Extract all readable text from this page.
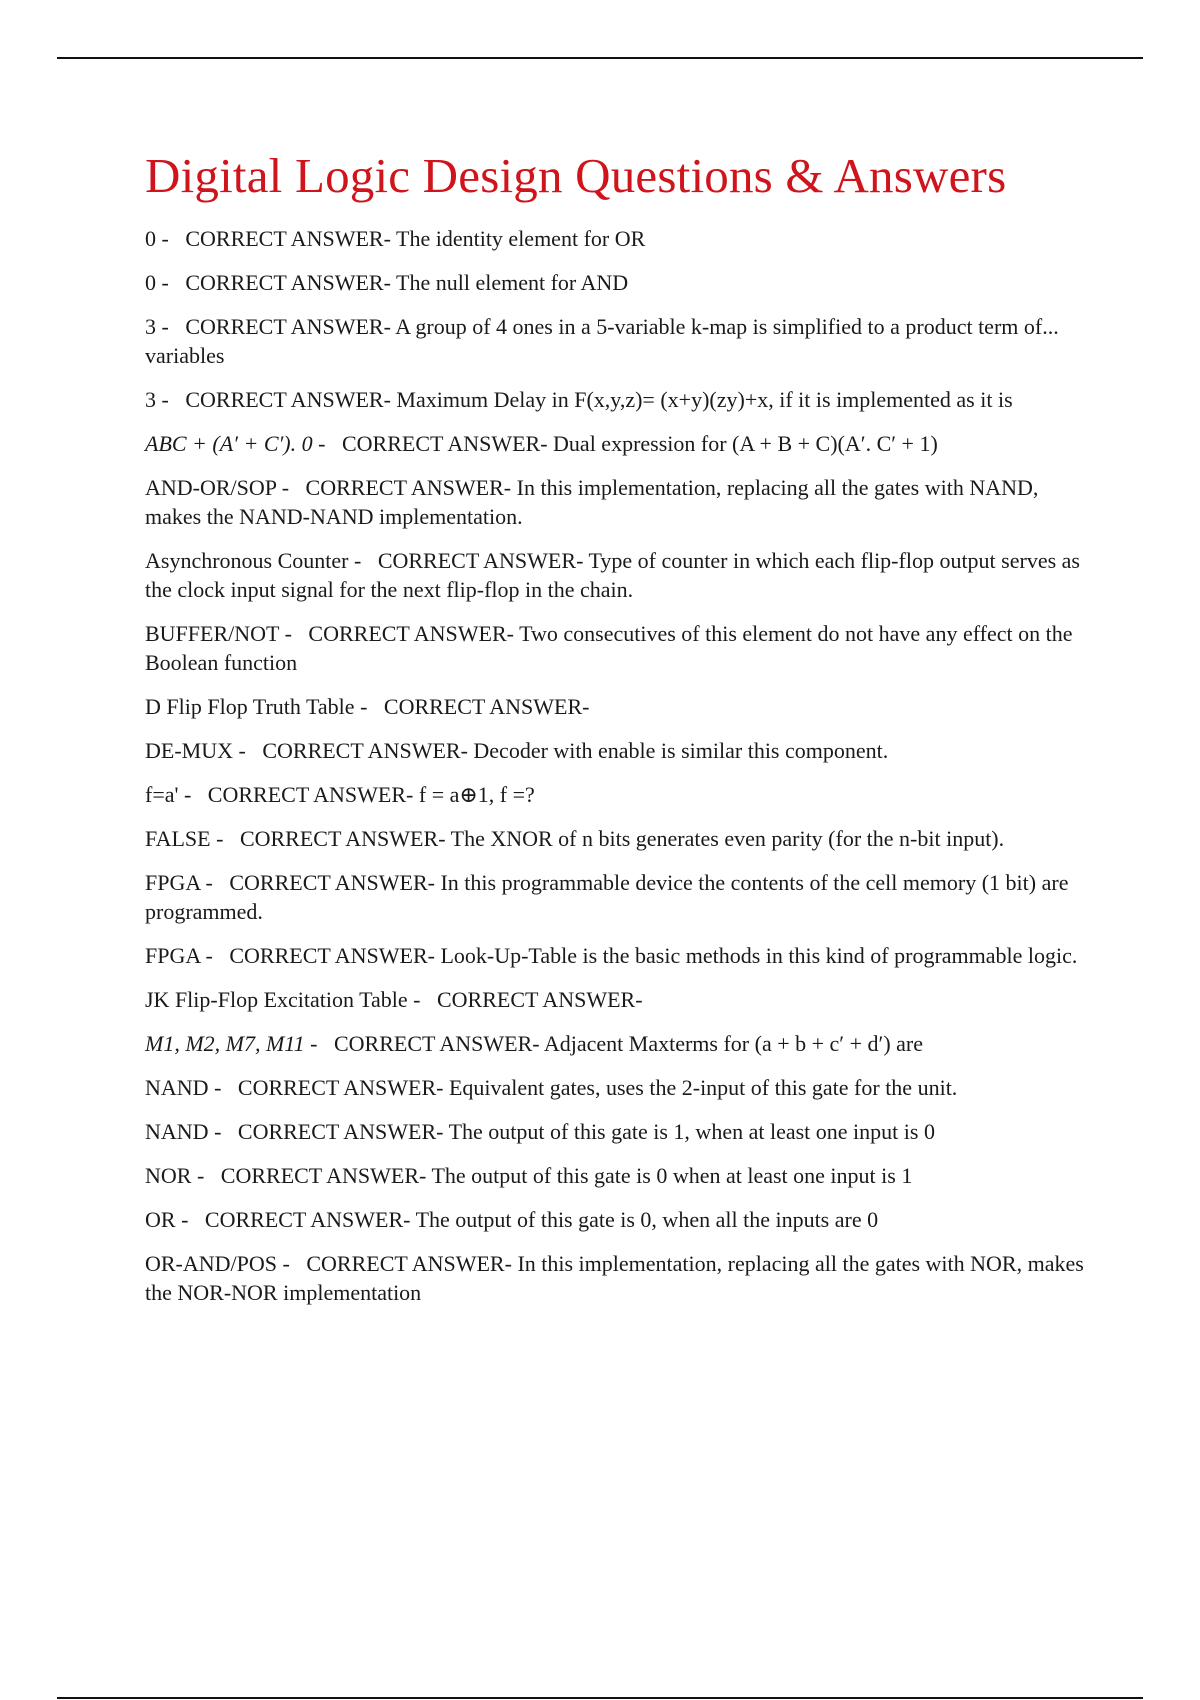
Digital Logic Design Questions & Answers

0 -   CORRECT ANSWER- The identity element for OR

0 -   CORRECT ANSWER- The null element for AND

3 -   CORRECT ANSWER- A group of 4 ones in a 5-variable k-map is simplified to a product term of... variables

3 -   CORRECT ANSWER- Maximum Delay in F(x,y,z)= (x+y)(zy)+x, if it is implemented as it is

ABC + (A′ + C′). 0 -   CORRECT ANSWER- Dual expression for (A + B + C)(A′. C′ + 1)

AND-OR/SOP -   CORRECT ANSWER- In this implementation, replacing all the gates with NAND, makes the NAND-NAND implementation.

Asynchronous Counter -   CORRECT ANSWER- Type of counter in which each flip-flop output serves as the clock input signal for the next flip-flop in the chain.

BUFFER/NOT -   CORRECT ANSWER- Two consecutives of this element do not have any effect on the Boolean function

D Flip Flop Truth Table -   CORRECT ANSWER-

DE-MUX -   CORRECT ANSWER- Decoder with enable is similar this component.

f=a' -   CORRECT ANSWER- f = a⊕1, f =?

FALSE -   CORRECT ANSWER- The XNOR of n bits generates even parity (for the n-bit input).

FPGA -   CORRECT ANSWER- In this programmable device the contents of the cell memory (1 bit) are programmed.

FPGA -   CORRECT ANSWER- Look-Up-Table is the basic methods in this kind of programmable logic.

JK Flip-Flop Excitation Table -   CORRECT ANSWER-

M1, M2, M7, M11 -   CORRECT ANSWER- Adjacent Maxterms for (a + b + c′ + d′) are

NAND -   CORRECT ANSWER- Equivalent gates, uses the 2-input of this gate for the unit.

NAND -   CORRECT ANSWER- The output of this gate is 1, when at least one input is 0

NOR -   CORRECT ANSWER- The output of this gate is 0 when at least one input is 1

OR -   CORRECT ANSWER- The output of this gate is 0, when all the inputs are 0

OR-AND/POS -   CORRECT ANSWER- In this implementation, replacing all the gates with NOR, makes the NOR-NOR implementation
